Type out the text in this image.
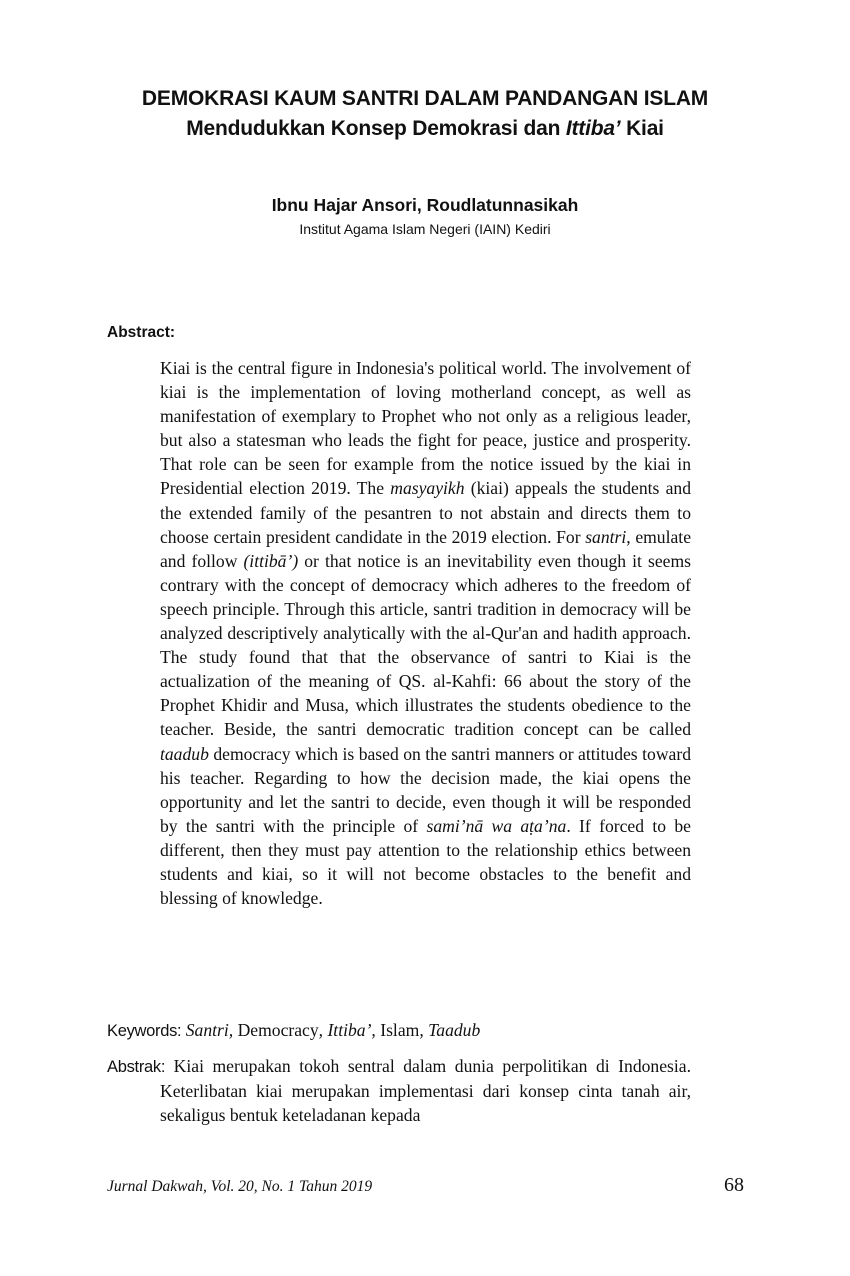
DEMOKRASI KAUM SANTRI DALAM PANDANGAN ISLAM
Mendudukkan Konsep Demokrasi dan Ittiba’ Kiai
Ibnu Hajar Ansori, Roudlatunnasikah
Institut Agama Islam Negeri (IAIN) Kediri
Abstract:
Kiai is the central figure in Indonesia's political world. The involvement of kiai is the implementation of loving motherland concept, as well as manifestation of exemplary to Prophet who not only as a religious leader, but also a statesman who leads the fight for peace, justice and prosperity. That role can be seen for example from the notice issued by the kiai in Presidential election 2019. The masyayikh (kiai) appeals the students and the extended family of the pesantren to not abstain and directs them to choose certain president candidate in the 2019 election. For santri, emulate and follow (ittibā’) or that notice is an inevitability even though it seems contrary with the concept of democracy which adheres to the freedom of speech principle. Through this article, santri tradition in democracy will be analyzed descriptively analytically with the al-Qur'an and hadith approach. The study found that that the observance of santri to Kiai is the actualization of the meaning of QS. al-Kahfi: 66 about the story of the Prophet Khidir and Musa, which illustrates the students obedience to the teacher. Beside, the santri democratic tradition concept can be called taadub democracy which is based on the santri manners or attitudes toward his teacher. Regarding to how the decision made, the kiai opens the opportunity and let the santri to decide, even though it will be responded by the santri with the principle of sami’nā wa aṭa’na. If forced to be different, then they must pay attention to the relationship ethics between students and kiai, so it will not become obstacles to the benefit and blessing of knowledge.
Keywords: Santri, Democracy, Ittiba’, Islam, Taadub
Abstrak: Kiai merupakan tokoh sentral dalam dunia perpolitikan di Indonesia. Keterlibatan kiai merupakan implementasi dari konsep cinta tanah air, sekaligus bentuk keteladanan kepada
Jurnal Dakwah, Vol. 20, No. 1 Tahun 2019	68
